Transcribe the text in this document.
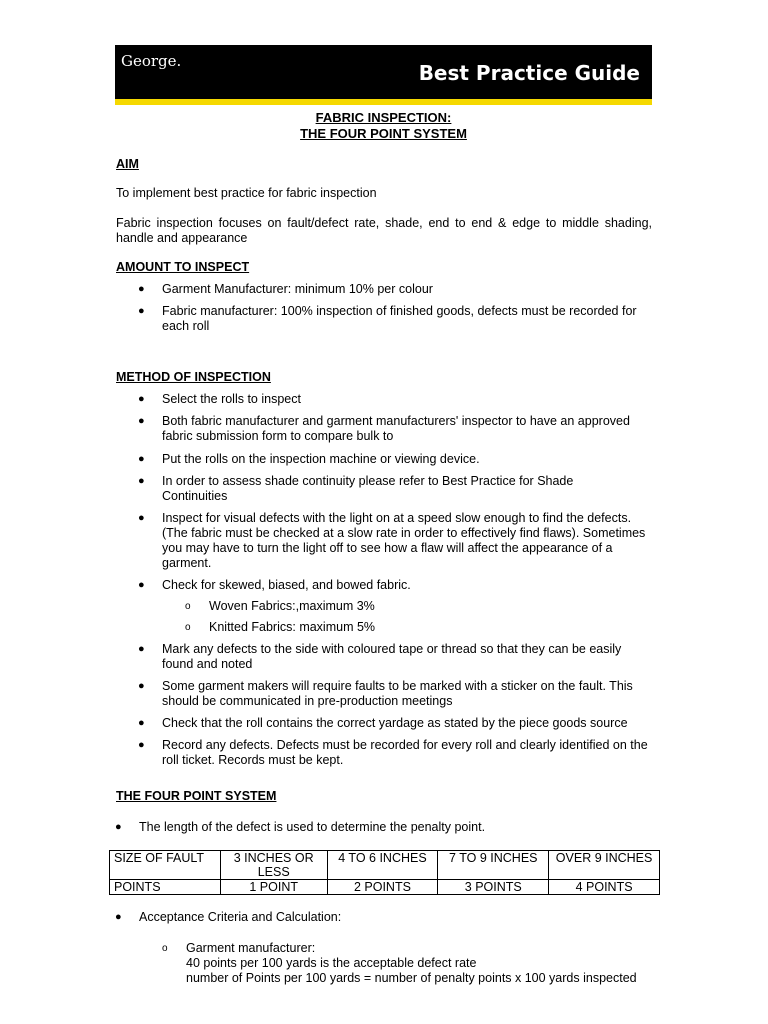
George.	Best Practice Guide
FABRIC INSPECTION:
THE FOUR POINT SYSTEM
AIM
To implement best practice for fabric inspection
Fabric inspection focuses on fault/defect rate, shade, end to end & edge to middle shading, handle and appearance
AMOUNT TO INSPECT
● Garment Manufacturer: minimum 10% per colour
● Fabric manufacturer: 100% inspection of finished goods, defects must be recorded for each roll
METHOD OF INSPECTION
● Select the rolls to inspect
● Both fabric manufacturer and garment manufacturers' inspector to have an approved fabric submission form to compare bulk to
● Put the rolls on the inspection machine or viewing device.
● In order to assess shade continuity please refer to Best Practice for Shade Continuities
● Inspect for visual defects with the light on at a speed slow enough to find the defects. (The fabric must be checked at a slow rate in order to effectively find flaws). Sometimes you may have to turn the light off to see how a flaw will affect the appearance of a garment.
● Check for skewed, biased, and bowed fabric.
o Woven Fabrics:,maximum 3%
o Knitted Fabrics: maximum 5%
● Mark any defects to the side with coloured tape or thread so that they can be easily found and noted
● Some garment makers will require faults to be marked with a sticker on the fault. This should be communicated in pre-production meetings
● Check that the roll contains the correct yardage as stated by the piece goods source
● Record any defects. Defects must be recorded for every roll and clearly identified on the roll ticket. Records must be kept.
THE FOUR POINT SYSTEM
● The length of the defect is used to determine the penalty point.
SIZE OF FAULT	3 INCHES OR LESS	4 TO 6 INCHES	7 TO 9 INCHES	OVER 9 INCHES
POINTS	1 POINT	2 POINTS	3 POINTS	4 POINTS
● Acceptance Criteria and Calculation:
o Garment manufacturer:
40 points per 100 yards is the acceptable defect rate
number of Points per 100 yards = number of penalty points x 100 yards inspected
